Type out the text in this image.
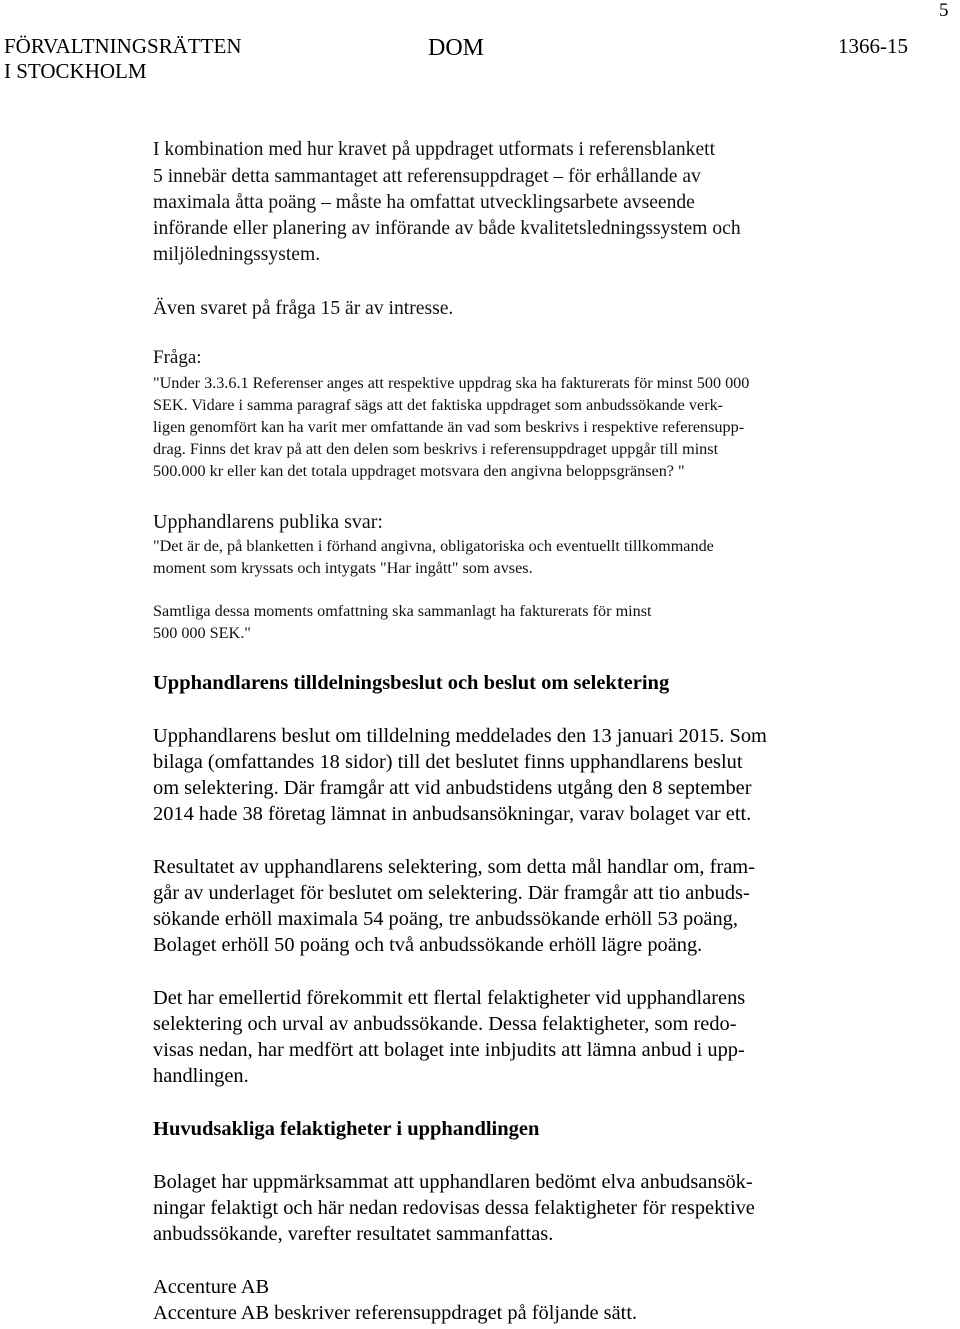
5
FÖRVALTNINGSRÄTTEN
I STOCKHOLM
DOM	1366-15
I kombination med hur kravet på uppdraget utformats i referensblankett
5 innebär detta sammantaget att referensuppdraget – för erhållande av
maximala åtta poäng – måste ha omfattat utvecklingsarbete avseende
införande eller planering av införande av både kvalitetsledningssystem och
miljöledningssystem.
Även svaret på fråga 15 är av intresse.
Fråga:
"Under 3.3.6.1 Referenser anges att respektive uppdrag ska ha fakturerats för minst 500 000
SEK. Vidare i samma paragraf sägs att det faktiska uppdraget som anbudssökande verk-
ligen genomfört kan ha varit mer omfattande än vad som beskrivs i respektive referensupp-
drag. Finns det krav på att den delen som beskrivs i referensuppdraget uppgår till minst
500.000 kr eller kan det totala uppdraget motsvara den angivna beloppsgränsen? "
Upphandlarens publika svar:
"Det är de, på blanketten i förhand angivna, obligatoriska och eventuellt tillkommande
moment som kryssats och intygats "Har ingått" som avses.
Samtliga dessa moments omfattning ska sammanlagt ha fakturerats för minst
500 000 SEK."
Upphandlarens tilldelningsbeslut och beslut om selektering
Upphandlarens beslut om tilldelning meddelades den 13 januari 2015. Som
bilaga (omfattandes 18 sidor) till det beslutet finns upphandlarens beslut
om selektering. Där framgår att vid anbudstidens utgång den 8 september
2014 hade 38 företag lämnat in anbudsansökningar, varav bolaget var ett.
Resultatet av upphandlarens selektering, som detta mål handlar om, fram-
går av underlaget för beslutet om selektering. Där framgår att tio anbuds-
sökande erhöll maximala 54 poäng, tre anbudssökande erhöll 53 poäng,
Bolaget erhöll 50 poäng och två anbudssökande erhöll lägre poäng.
Det har emellertid förekommit ett flertal felaktigheter vid upphandlarens
selektering och urval av anbudssökande. Dessa felaktigheter, som redo-
visas nedan, har medfört att bolaget inte inbjudits att lämna anbud i upp-
handlingen.
Huvudsakliga felaktigheter i upphandlingen
Bolaget har uppmärksammat att upphandlaren bedömt elva anbudsansök-
ningar felaktigt och här nedan redovisas dessa felaktigheter för respektive
anbudssökande, varefter resultatet sammanfattas.
Accenture AB
Accenture AB beskriver referensuppdraget på följande sätt.
